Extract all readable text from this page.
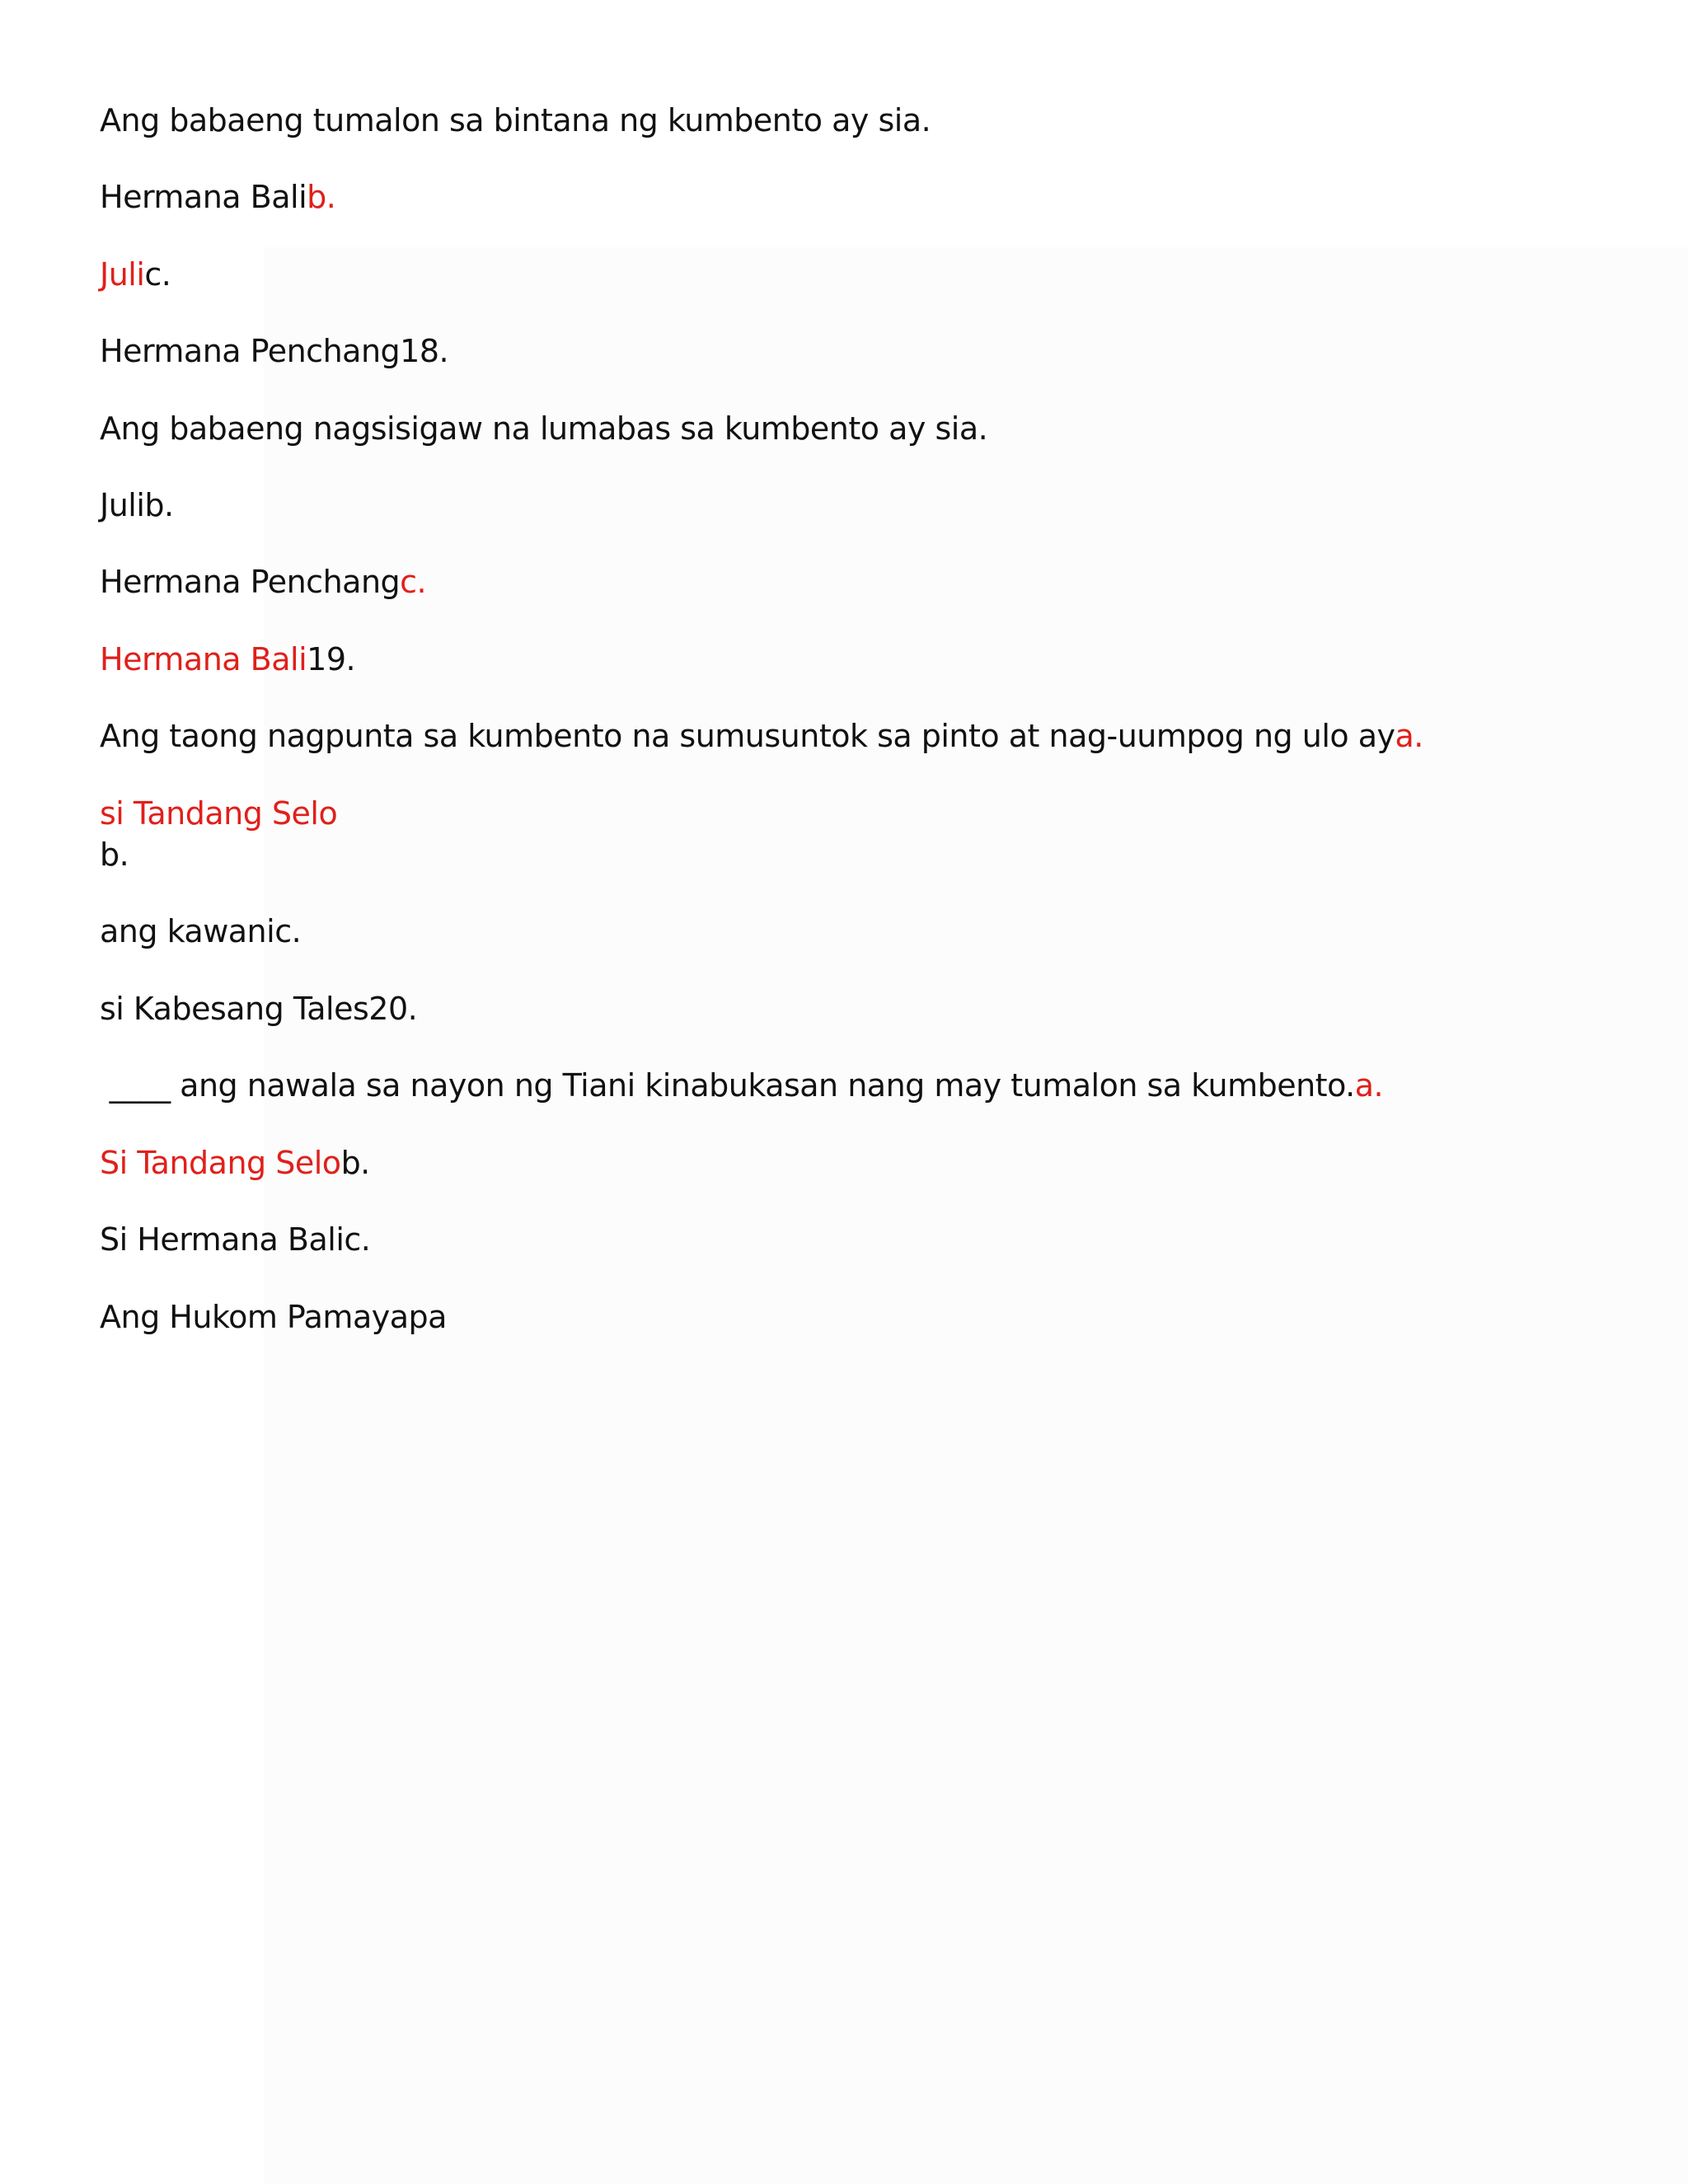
Ang babaeng tumalon sa bintana ng kumbento ay sia.
Hermana Balib.
Julic.
Hermana Penchang18.
Ang babaeng nagsisigaw na lumabas sa kumbento ay sia.
Julib.
Hermana Penchangc.
Hermana Bali19.
Ang taong nagpunta sa kumbento na sumusuntok sa pinto at nag-uumpog ng ulo aya.
si Tandang Selo
b.
ang kawanic.
si Kabesang Tales20.
____ ang nawala sa nayon ng Tiani kinabukasan nang may tumalon sa kumbento.a.
Si Tandang Selob.
Si Hermana Balic.
Ang Hukom Pamayapa
